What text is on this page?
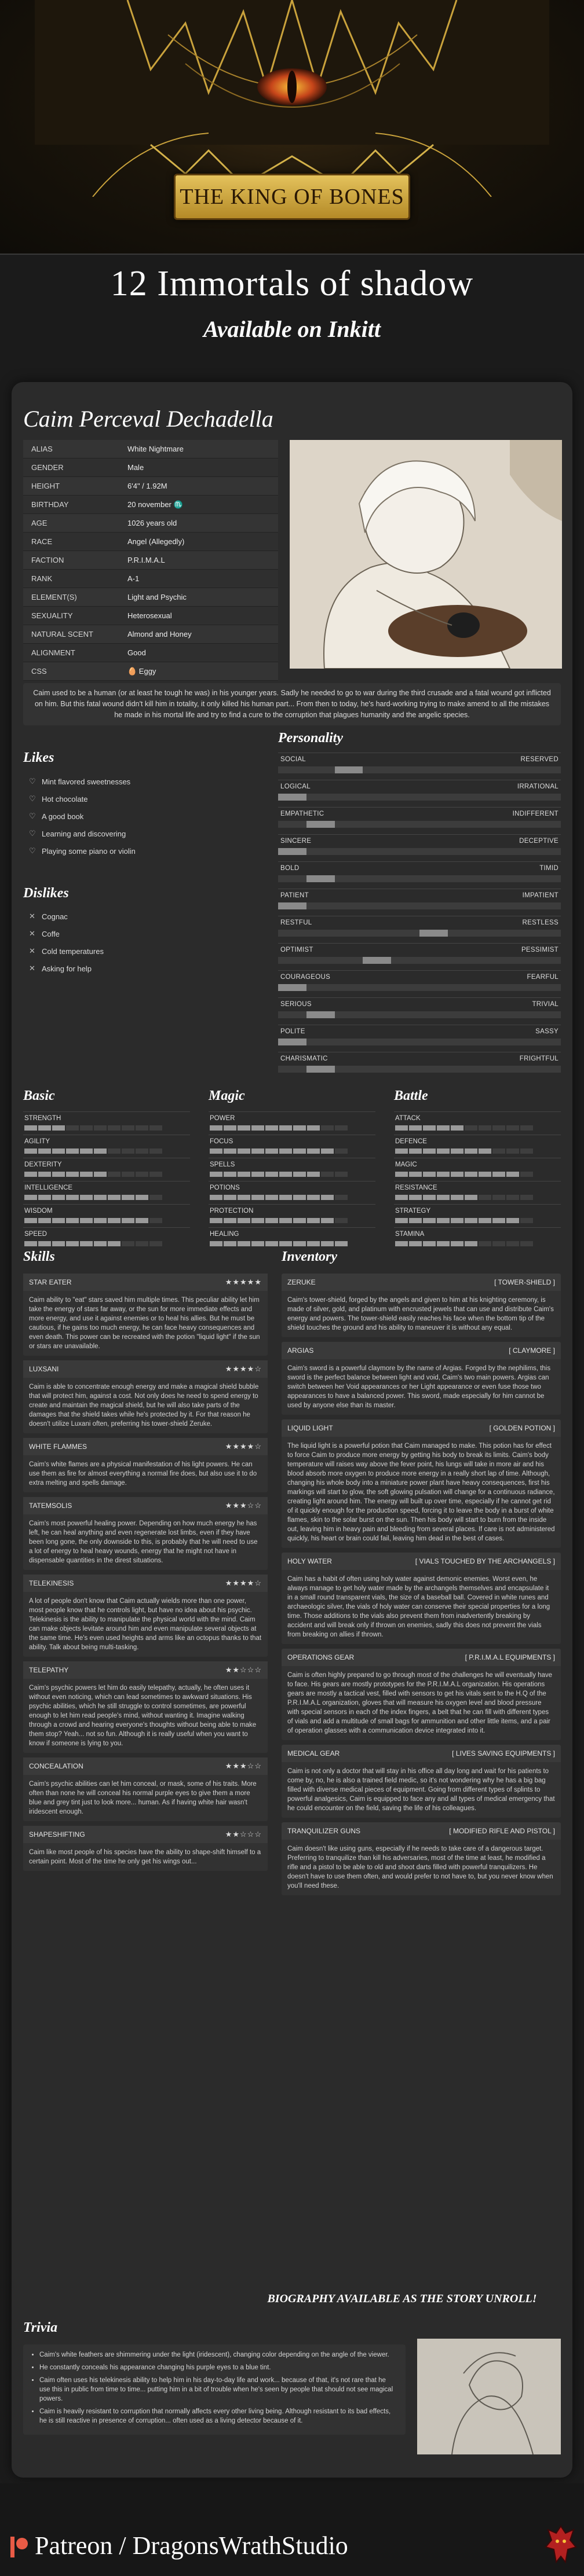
THE KING OF BONES
12 Immortals of shadow
Available on Inkitt
Caim Perceval Dechadella
ALIAS	White Nightmare
GENDER	Male
HEIGHT	6'4" / 1.92M
BIRTHDAY	20 november ♏
AGE	1026 years old
RACE	Angel (Allegedly)
FACTION	P.R.I.M.A.L
RANK	A-1
ELEMENT(S)	Light and Psychic
SEXUALITY	Heterosexual
NATURAL SCENT	Almond and Honey
ALIGNMENT	Good
CSS	🥚 Eggy
Caim used to be a human (or at least he tough he was) in his younger years. Sadly he needed to go to war during the third crusade and a fatal wound got inflicted on him. But this fatal wound didn't kill him in totality, it only killed his human part... From then to today, he's hard-working trying to make amend to all the mistakes he made in his mortal life and try to find a cure to the corruption that plagues humanity and the angelic species.
Likes
♡ Mint flavored sweetnesses
♡ Hot chocolate
♡ A good book
♡ Learning and discovering
♡ Playing some piano or violin
Dislikes
✕ Cognac
✕ Coffe
✕ Cold temperatures
✕ Asking for help
Personality
SOCIAL	RESERVED
LOGICAL	IRRATIONAL
EMPATHETIC	INDIFFERENT
SINCERE	DECEPTIVE
BOLD	TIMID
PATIENT	IMPATIENT
RESTFUL	RESTLESS
OPTIMIST	PESSIMIST
COURAGEOUS	FEARFUL
SERIOUS	TRIVIAL
POLITE	SASSY
CHARISMATIC	FRIGHTFUL
Basic
STRENGTH
AGILITY
DEXTERITY
INTELLIGENCE
WISDOM
SPEED
Magic
POWER
FOCUS
SPELLS
POTIONS
PROTECTION
HEALING
Battle
ATTACK
DEFENCE
MAGIC
RESISTANCE
STRATEGY
STAMINA
Skills
STAR EATER	★★★★★
Caim ability to "eat" stars saved him multiple times. This peculiar ability let him take the energy of stars far away, or the sun for more immediate effects and more energy, and use it against enemies or to heal his allies. But he must be cautious, if he gains too much energy, he can face heavy consequences and even death. This power can be recreated with the potion "liquid light" if the sun or stars are unavailable.
LUXSANI	★★★★☆
Caim is able to concentrate enough energy and make a magical shield bubble that will protect him, against a cost. Not only does he need to spend energy to create and maintain the magical shield, but he will also take parts of the damages that the shield takes while he's protected by it. For that reason he doesn't utilize Luxani often, preferring his tower-shield Zeruke.
WHITE FLAMMES	★★★★☆
Caim's white flames are a physical manifestation of his light powers. He can use them as fire for almost everything a normal fire does, but also use it to do extra melting and spells damage.
TATEMSOLIS	★★★☆☆
Caim's most powerful healing power. Depending on how much energy he has left, he can heal anything and even regenerate lost limbs, even if they have been long gone, the only downside to this, is probably that he will need to use a lot of energy to heal heavy wounds, energy that he might not have in dispensable quantities in the direst situations.
TELEKINESIS	★★★★☆
A lot of people don't know that Caim actually wields more than one power, most people know that he controls light, but have no idea about his psychic. Telekinesis is the ability to manipulate the physical world with the mind. Caim can make objects levitate around him and even manipulate several objects at the same time. He's even used heights and arms like an octopus thanks to that ability. Talk about being multi-tasking.
TELEPATHY	★★☆☆☆
Caim's psychic powers let him do easily telepathy, actually, he often uses it without even noticing, which can lead sometimes to awkward situations. His psychic abilities, which he still struggle to control sometimes, are powerful enough to let him read people's mind, without wanting it. Imagine walking through a crowd and hearing everyone's thoughts without being able to make them stop? Yeah... not so fun. Although it is really useful when you want to know if someone is lying to you.
CONCEALATION	★★★☆☆
Caim's psychic abilities can let him conceal, or mask, some of his traits. More often than none he will conceal his normal purple eyes to give them a more blue and grey tint just to look more... human. As if having white hair wasn't iridescent enough.
SHAPESHIFTING	★★☆☆☆
Caim like most people of his species have the ability to shape-shift himself to a certain point. Most of the time he only get his wings out...
Inventory
ZERUKE	[ TOWER-SHIELD ]
Caim's tower-shield, forged by the angels and given to him at his knighting ceremony, is made of silver, gold, and platinum with encrusted jewels that can use and distribute Caim's energy and powers. The tower-shield easily reaches his face when the bottom tip of the shield touches the ground and his ability to maneuver it is without any equal.
ARGIAS	[ CLAYMORE ]
Caim's sword is a powerful claymore by the name of Argias. Forged by the nephilims, this sword is the perfect balance between light and void, Caim's two main powers. Argias can switch between her Void appearances or her Light appearance or even fuse those two appearances to have a balanced power. This sword, made especially for him cannot be used by anyone else than its master.
LIQUID LIGHT	[ GOLDEN POTION ]
The liquid light is a powerful potion that Caim managed to make. This potion has for effect to force Caim to produce more energy by getting his body to break its limits. Caim's body temperature will raises way above the fever point, his lungs will take in more air and his blood absorb more oxygen to produce more energy in a really short lap of time. Although, changing his whole body into a miniature power plant have heavy consequences, first his markings will start to glow, the soft glowing pulsation will change for a continuous radiance, creating light around him. The energy will built up over time, especially if he cannot get rid of it quickly enough for the production speed, forcing it to leave the body in a burst of white flames, skin to the solar burst on the sun. Then his body will start to burn from the inside out, leaving him in heavy pain and bleeding from several places. If care is not administered quickly, his heart or brain could fail, leaving him dead in the best of cases.
HOLY WATER	[ VIALS TOUCHED BY THE ARCHANGELS ]
Caim has a habit of often using holy water against demonic enemies. Worst even, he always manage to get holy water made by the archangels themselves and encapsulate it in a small round transparent vials, the size of a baseball ball. Covered in white runes and archaeologic silver, the vials of holy water can conserve their special properties for a long time. Those additions to the vials also prevent them from inadvertently breaking by accident and will break only if thrown on enemies, sadly this does not prevent the vials from breaking on allies if thrown.
OPERATIONS GEAR	[ P.R.I.M.A.L EQUIPMENTS ]
Caim is often highly prepared to go through most of the challenges he will eventually have to face. His gears are mostly prototypes for the P.R.I.M.A.L organization. His operations gears are mostly a tactical vest, filled with sensors to get his vitals sent to the H.Q of the P.R.I.M.A.L organization, gloves that will measure his oxygen level and blood pressure with special sensors in each of the index fingers, a belt that he can fill with different types of vials and add a multitude of small bags for ammunition and other little items, and a pair of operation glasses with a communication device integrated into it.
MEDICAL GEAR	[ LIVES SAVING EQUIPMENTS ]
Caim is not only a doctor that will stay in his office all day long and wait for his patients to come by, no, he is also a trained field medic, so it's not wondering why he has a big bag filled with diverse medical pieces of equipment. Going from different types of splints to powerful analgesics, Caim is equipped to face any and all types of medical emergency that he could encounter on the field, saving the life of his colleagues.
TRANQUILIZER GUNS	[ MODIFIED RIFLE AND PISTOL ]
Caim doesn't like using guns, especially if he needs to take care of a dangerous target. Preferring to tranquilize than kill his adversaries, most of the time at least, he modified a rifle and a pistol to be able to old and shoot darts filled with powerful tranquilizers. He doesn't have to use them often, and would prefer to not have to, but you never know when you'll need these.
BIOGRAPHY AVAILABLE AS THE STORY UNROLL!
Trivia
• Caim's white feathers are shimmering under the light (iridescent), changing color depending on the angle of the viewer.
• He constantly conceals his appearance changing his purple eyes to a blue tint.
• Caim often uses his telekinesis ability to help him in his day-to-day life and work... because of that, it's not rare that he use this in public from time to time... putting him in a bit of trouble when he's seen by people that should not see magical powers.
• Caim is heavily resistant to corruption that normally affects every other living being. Although resistant to its bad effects, he is still reactive in presence of corruption... often used as a living detector because of it.
Patreon / DragonsWrathStudio
